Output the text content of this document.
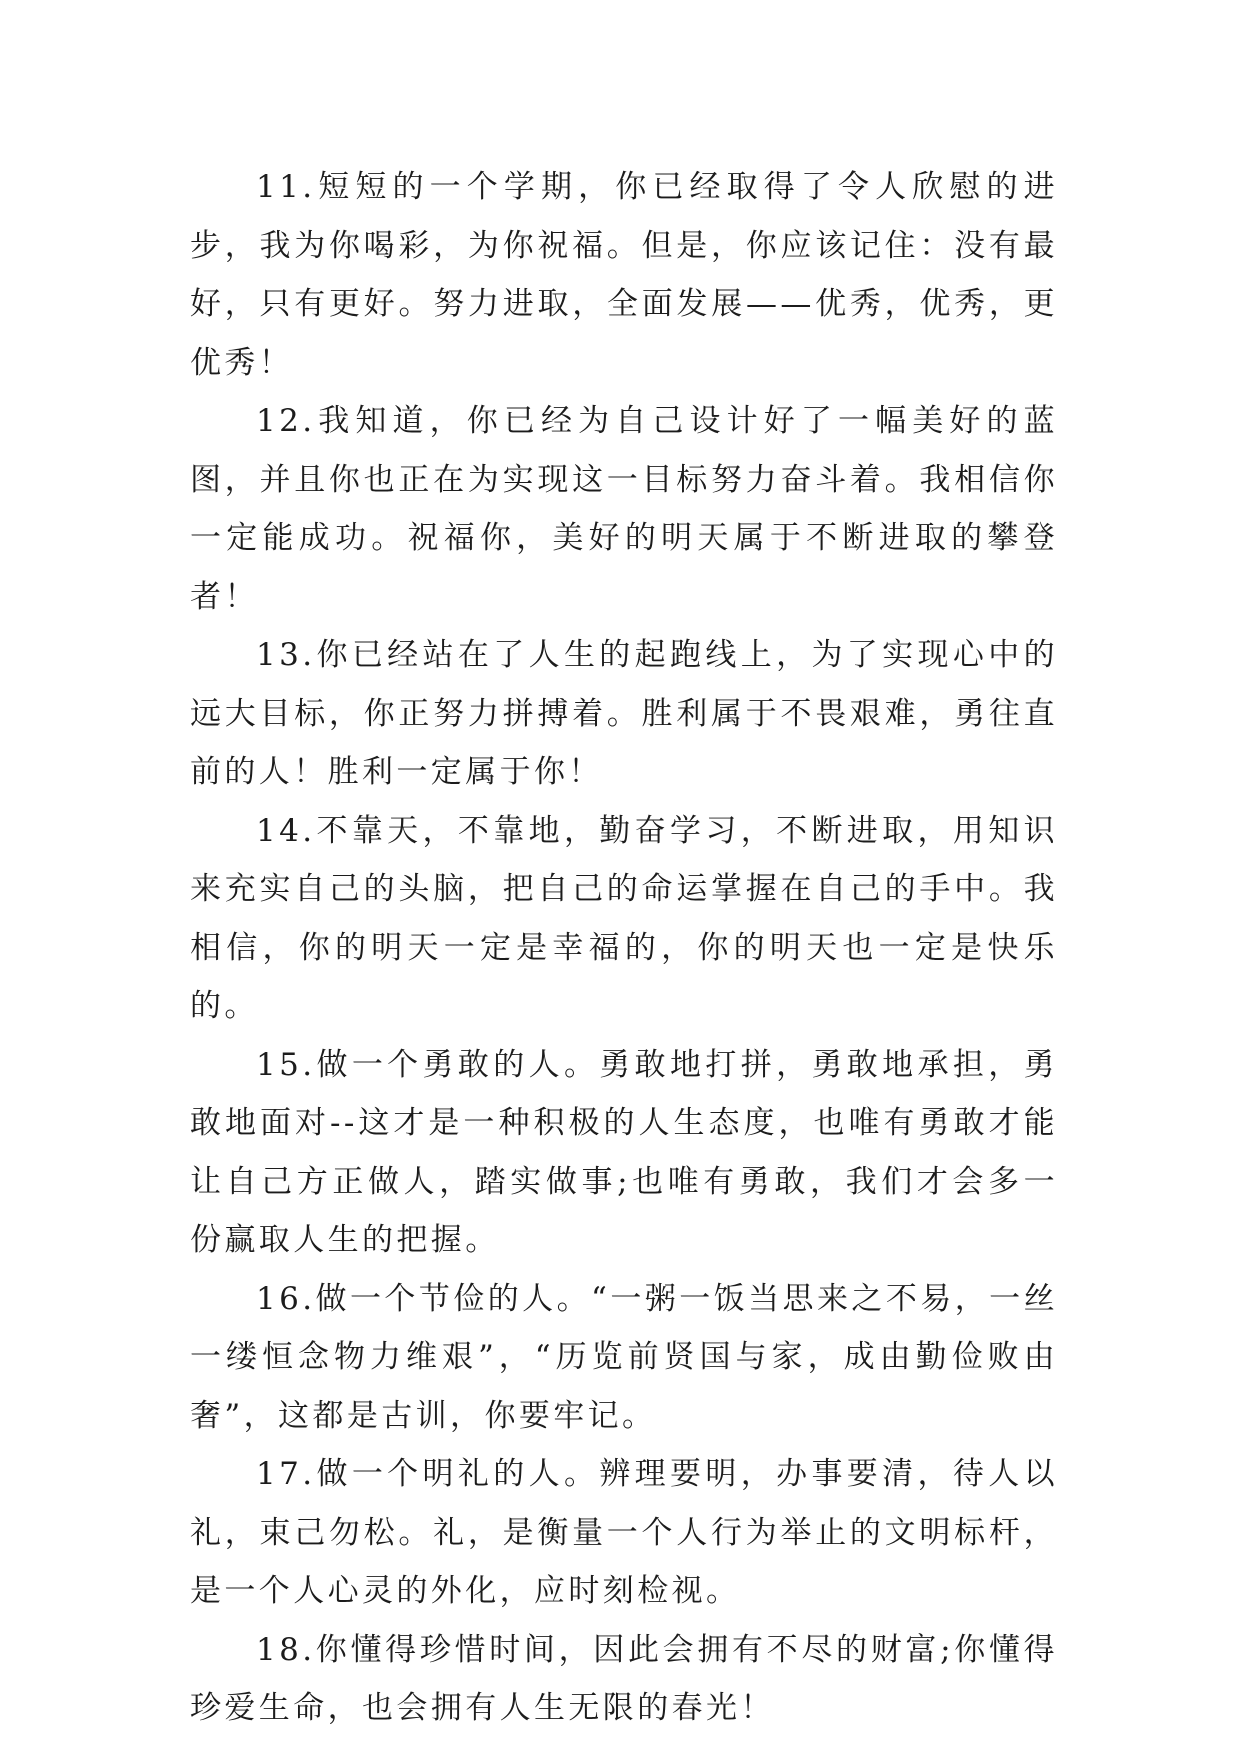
11.短短的一个学期，你已经取得了令人欣慰的进步，我为你喝彩，为你祝福。但是，你应该记住：没有最好，只有更好。努力进取，全面发展——优秀，优秀，更优秀！

12.我知道，你已经为自己设计好了一幅美好的蓝图，并且你也正在为实现这一目标努力奋斗着。我相信你一定能成功。祝福你，美好的明天属于不断进取的攀登者！

13.你已经站在了人生的起跑线上，为了实现心中的远大目标，你正努力拼搏着。胜利属于不畏艰难，勇往直前的人！胜利一定属于你！

14.不靠天，不靠地，勤奋学习，不断进取，用知识来充实自己的头脑，把自己的命运掌握在自己的手中。我相信，你的明天一定是幸福的，你的明天也一定是快乐的。

15.做一个勇敢的人。勇敢地打拼，勇敢地承担，勇敢地面对--这才是一种积极的人生态度，也唯有勇敢才能让自己方正做人，踏实做事;也唯有勇敢，我们才会多一份赢取人生的把握。

16.做一个节俭的人。“一粥一饭当思来之不易，一丝一缕恒念物力维艰”，“历览前贤国与家，成由勤俭败由奢”，这都是古训，你要牢记。

17.做一个明礼的人。辨理要明，办事要清，待人以礼，束己勿松。礼，是衡量一个人行为举止的文明标杆，是一个人心灵的外化，应时刻检视。

18.你懂得珍惜时间，因此会拥有不尽的财富;你懂得珍爱生命，也会拥有人生无限的春光！
